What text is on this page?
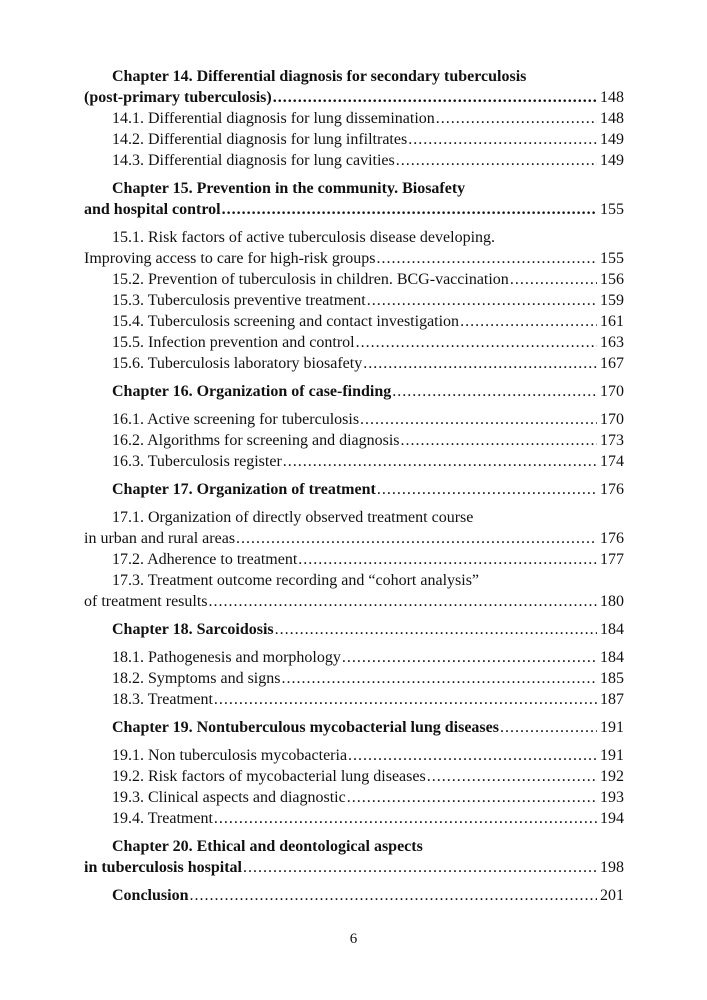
Chapter 14. Differential diagnosis for secondary tuberculosis
(post-primary tuberculosis) .....	148
14.1. Differential diagnosis for lung dissemination .....	148
14.2. Differential diagnosis for lung infiltrates .....	149
14.3. Differential diagnosis for lung cavities .....	149
Chapter 15. Prevention in the community. Biosafety
and hospital control .....	155
15.1. Risk factors of active tuberculosis disease developing.
Improving access to care for high-risk groups .....	155
15.2. Prevention of tuberculosis in children. BCG-vaccination .....	156
15.3. Tuberculosis preventive treatment .....	159
15.4. Tuberculosis screening and contact investigation .....	161
15.5. Infection prevention and control .....	163
15.6. Tuberculosis laboratory biosafety .....	167
Chapter 16. Organization of case-finding .....	170
16.1. Active screening for tuberculosis .....	170
16.2. Algorithms for screening and diagnosis .....	173
16.3. Tuberculosis register .....	174
Chapter 17. Organization of treatment .....	176
17.1. Organization of directly observed treatment course
in urban and rural areas .....	176
17.2. Adherence to treatment .....	177
17.3. Treatment outcome recording and “cohort analysis”
of treatment results .....	180
Chapter 18. Sarcoidosis .....	184
18.1. Pathogenesis and morphology .....	184
18.2. Symptoms and signs .....	185
18.3. Treatment .....	187
Chapter 19. Nontuberculous mycobacterial lung diseases .....	191
19.1. Non tuberculosis mycobacteria .....	191
19.2. Risk factors of mycobacterial lung diseases .....	192
19.3. Clinical aspects and diagnostic .....	193
19.4. Treatment .....	194
Chapter 20. Ethical and deontological aspects
in tuberculosis hospital .....	198
Conclusion .....	201
6
